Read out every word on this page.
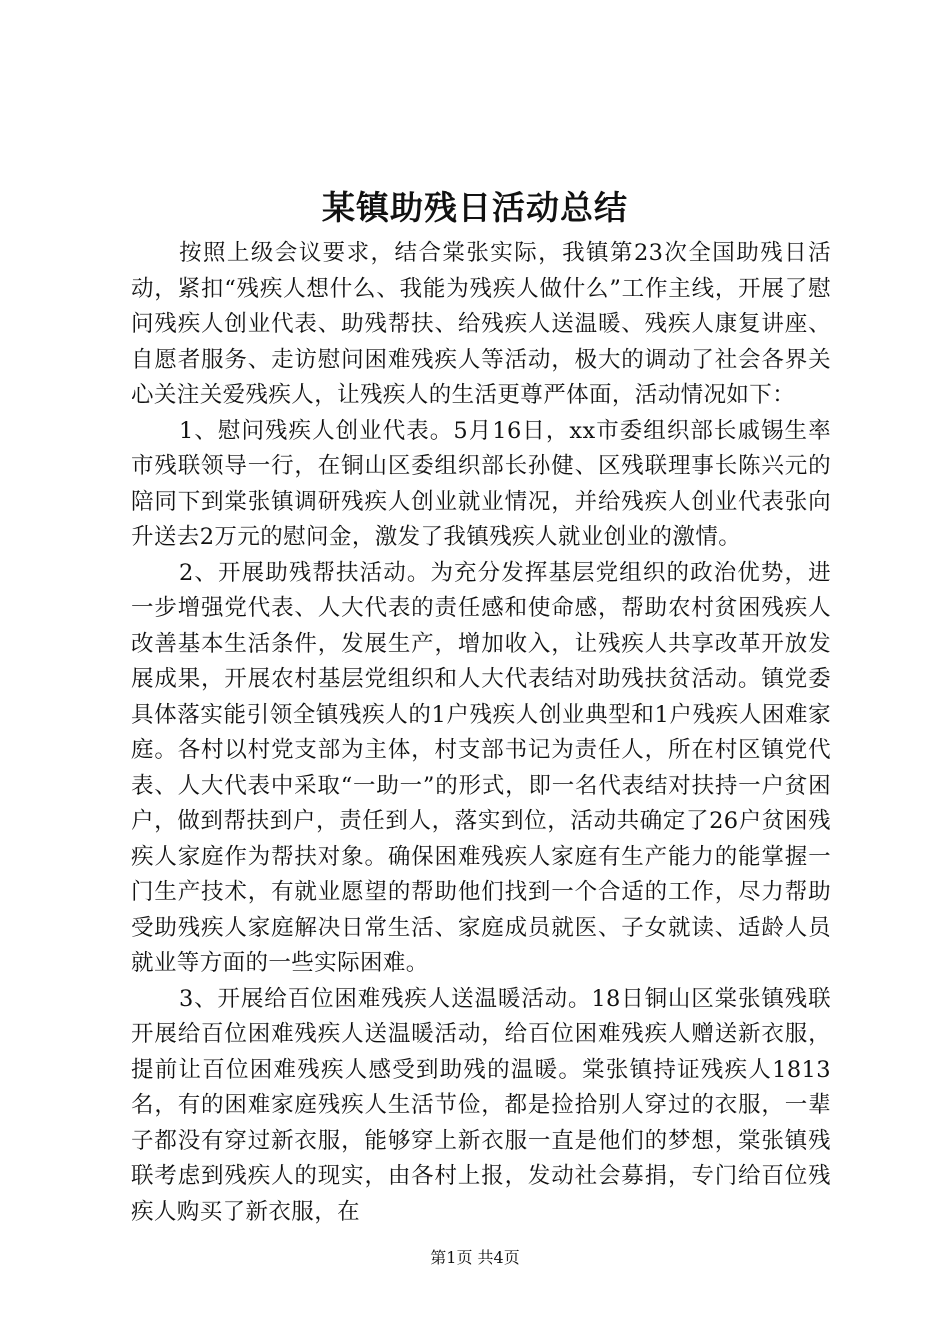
某镇助残日活动总结

按照上级会议要求，结合棠张实际，我镇第23次全国助残日活动，紧扣“残疾人想什么、我能为残疾人做什么”工作主线，开展了慰问残疾人创业代表、助残帮扶、给残疾人送温暖、残疾人康复讲座、自愿者服务、走访慰问困难残疾人等活动，极大的调动了社会各界关心关注关爱残疾人，让残疾人的生活更尊严体面，活动情况如下：

1、慰问残疾人创业代表。5月16日，xx市委组织部长戚锡生率市残联领导一行，在铜山区委组织部长孙健、区残联理事长陈兴元的陪同下到棠张镇调研残疾人创业就业情况，并给残疾人创业代表张向升送去2万元的慰问金，激发了我镇残疾人就业创业的激情。

2、开展助残帮扶活动。为充分发挥基层党组织的政治优势，进一步增强党代表、人大代表的责任感和使命感，帮助农村贫困残疾人改善基本生活条件，发展生产，增加收入，让残疾人共享改革开放发展成果，开展农村基层党组织和人大代表结对助残扶贫活动。镇党委具体落实能引领全镇残疾人的1户残疾人创业典型和1户残疾人困难家庭。各村以村党支部为主体，村支部书记为责任人，所在村区镇党代表、人大代表中采取“一助一”的形式，即一名代表结对扶持一户贫困户，做到帮扶到户，责任到人，落实到位，活动共确定了26户贫困残疾人家庭作为帮扶对象。确保困难残疾人家庭有生产能力的能掌握一门生产技术，有就业愿望的帮助他们找到一个合适的工作，尽力帮助受助残疾人家庭解决日常生活、家庭成员就医、子女就读、适龄人员就业等方面的一些实际困难。

3、开展给百位困难残疾人送温暖活动。18日铜山区棠张镇残联开展给百位困难残疾人送温暖活动，给百位困难残疾人赠送新衣服，提前让百位困难残疾人感受到助残的温暖。棠张镇持证残疾人1813名，有的困难家庭残疾人生活节俭，都是捡拾别人穿过的衣服，一辈子都没有穿过新衣服，能够穿上新衣服一直是他们的梦想，棠张镇残联考虑到残疾人的现实，由各村上报，发动社会募捐，专门给百位残疾人购买了新衣服，在

第1页 共4页
